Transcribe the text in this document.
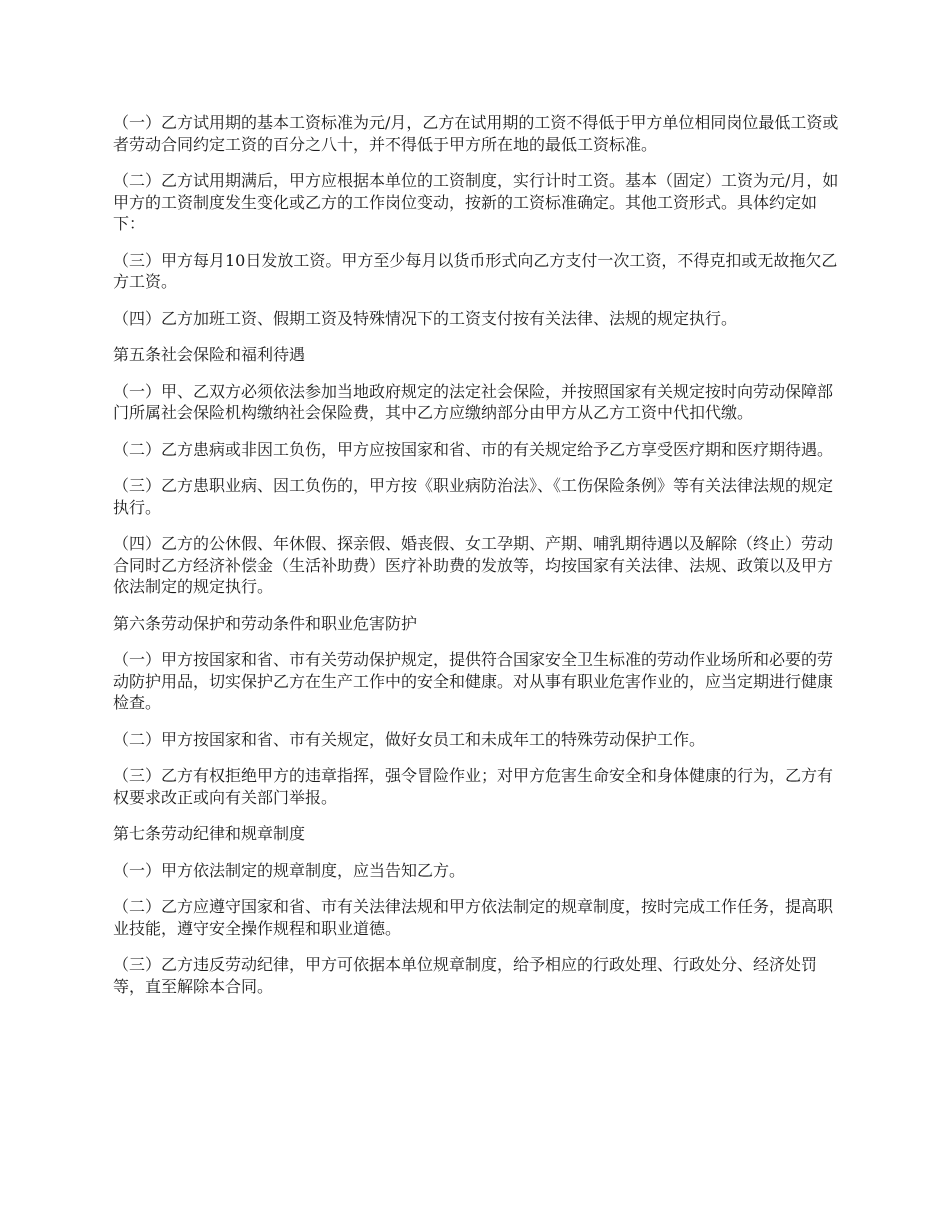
（一）乙方试用期的基本工资标准为元/月，乙方在试用期的工资不得低于甲方单位相同岗位最低工资或者劳动合同约定工资的百分之八十，并不得低于甲方所在地的最低工资标准。

（二）乙方试用期满后，甲方应根据本单位的工资制度，实行计时工资。基本（固定）工资为元/月，如甲方的工资制度发生变化或乙方的工作岗位变动，按新的工资标准确定。其他工资形式。具体约定如下：

（三）甲方每月10日发放工资。甲方至少每月以货币形式向乙方支付一次工资，不得克扣或无故拖欠乙方工资。

（四）乙方加班工资、假期工资及特殊情况下的工资支付按有关法律、法规的规定执行。

第五条社会保险和福利待遇

（一）甲、乙双方必须依法参加当地政府规定的法定社会保险，并按照国家有关规定按时向劳动保障部门所属社会保险机构缴纳社会保险费，其中乙方应缴纳部分由甲方从乙方工资中代扣代缴。

（二）乙方患病或非因工负伤，甲方应按国家和省、市的有关规定给予乙方享受医疗期和医疗期待遇。

（三）乙方患职业病、因工负伤的，甲方按《职业病防治法》、《工伤保险条例》等有关法律法规的规定执行。

（四）乙方的公休假、年休假、探亲假、婚丧假、女工孕期、产期、哺乳期待遇以及解除（终止）劳动合同时乙方经济补偿金（生活补助费）医疗补助费的发放等，均按国家有关法律、法规、政策以及甲方依法制定的规定执行。

第六条劳动保护和劳动条件和职业危害防护

（一）甲方按国家和省、市有关劳动保护规定，提供符合国家安全卫生标准的劳动作业场所和必要的劳动防护用品，切实保护乙方在生产工作中的安全和健康。对从事有职业危害作业的，应当定期进行健康检查。

（二）甲方按国家和省、市有关规定，做好女员工和未成年工的特殊劳动保护工作。

（三）乙方有权拒绝甲方的违章指挥，强令冒险作业；对甲方危害生命安全和身体健康的行为，乙方有权要求改正或向有关部门举报。

第七条劳动纪律和规章制度

（一）甲方依法制定的规章制度，应当告知乙方。

（二）乙方应遵守国家和省、市有关法律法规和甲方依法制定的规章制度，按时完成工作任务，提高职业技能，遵守安全操作规程和职业道德。

（三）乙方违反劳动纪律，甲方可依据本单位规章制度，给予相应的行政处理、行政处分、经济处罚等，直至解除本合同。
